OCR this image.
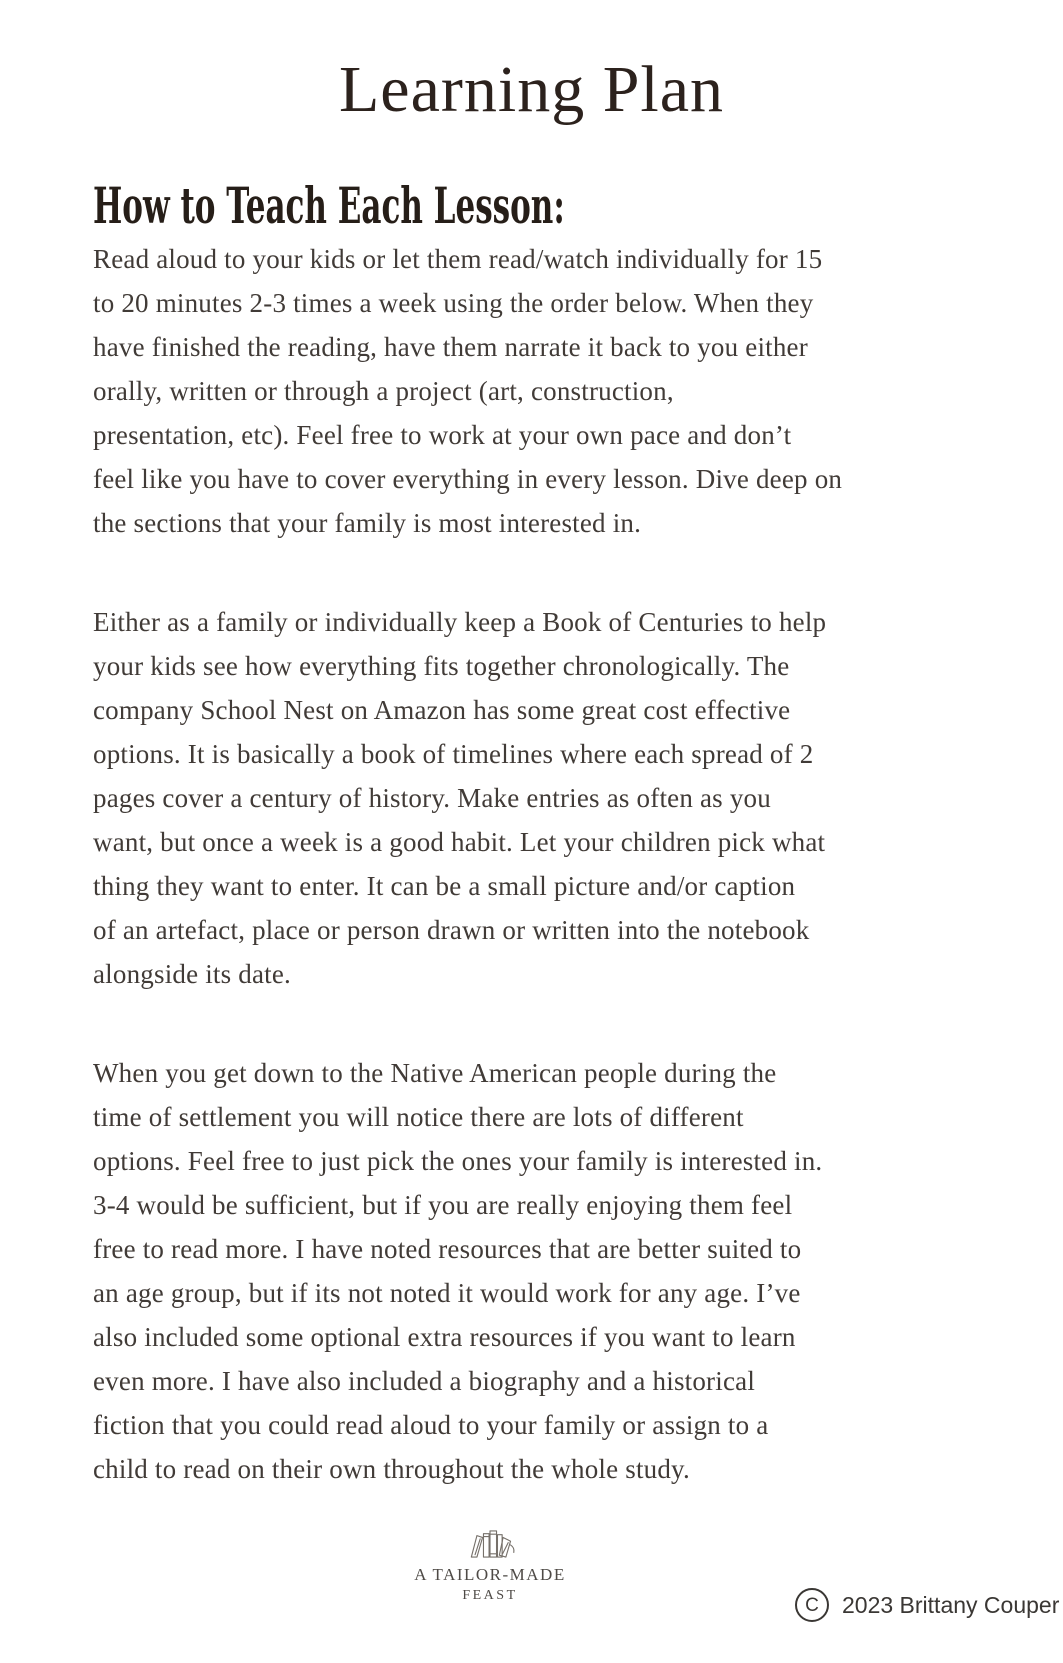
Learning Plan
How to Teach Each Lesson:
Read aloud to your kids or let them read/watch individually for 15
to 20 minutes 2-3 times a week using the order below. When they
have finished the reading, have them narrate it back to you either
orally, written or through a project (art, construction,
presentation, etc). Feel free to work at your own pace and don’t
feel like you have to cover everything in every lesson. Dive deep on
the sections that your family is most interested in.
Either as a family or individually keep a Book of Centuries to help
your kids see how everything fits together chronologically. The
company School Nest on Amazon has some great cost effective
options. It is basically a book of timelines where each spread of 2
pages cover a century of history. Make entries as often as you
want, but once a week is a good habit. Let your children pick what
thing they want to enter. It can be a small picture and/or caption
of an artefact, place or person drawn or written into the notebook
alongside its date.
When you get down to the Native American people during the
time of settlement you will notice there are lots of different
options. Feel free to just pick the ones your family is interested in.
3-4 would be sufficient, but if you are really enjoying them feel
free to read more. I have noted resources that are better suited to
an age group, but if its not noted it would work for any age. I’ve
also included some optional extra resources if you want to learn
even more. I have also included a biography and a historical
fiction that you could read aloud to your family or assign to a
child to read on their own throughout the whole study.
A TAILOR-MADE
FEAST	C	2023 Brittany Couper
